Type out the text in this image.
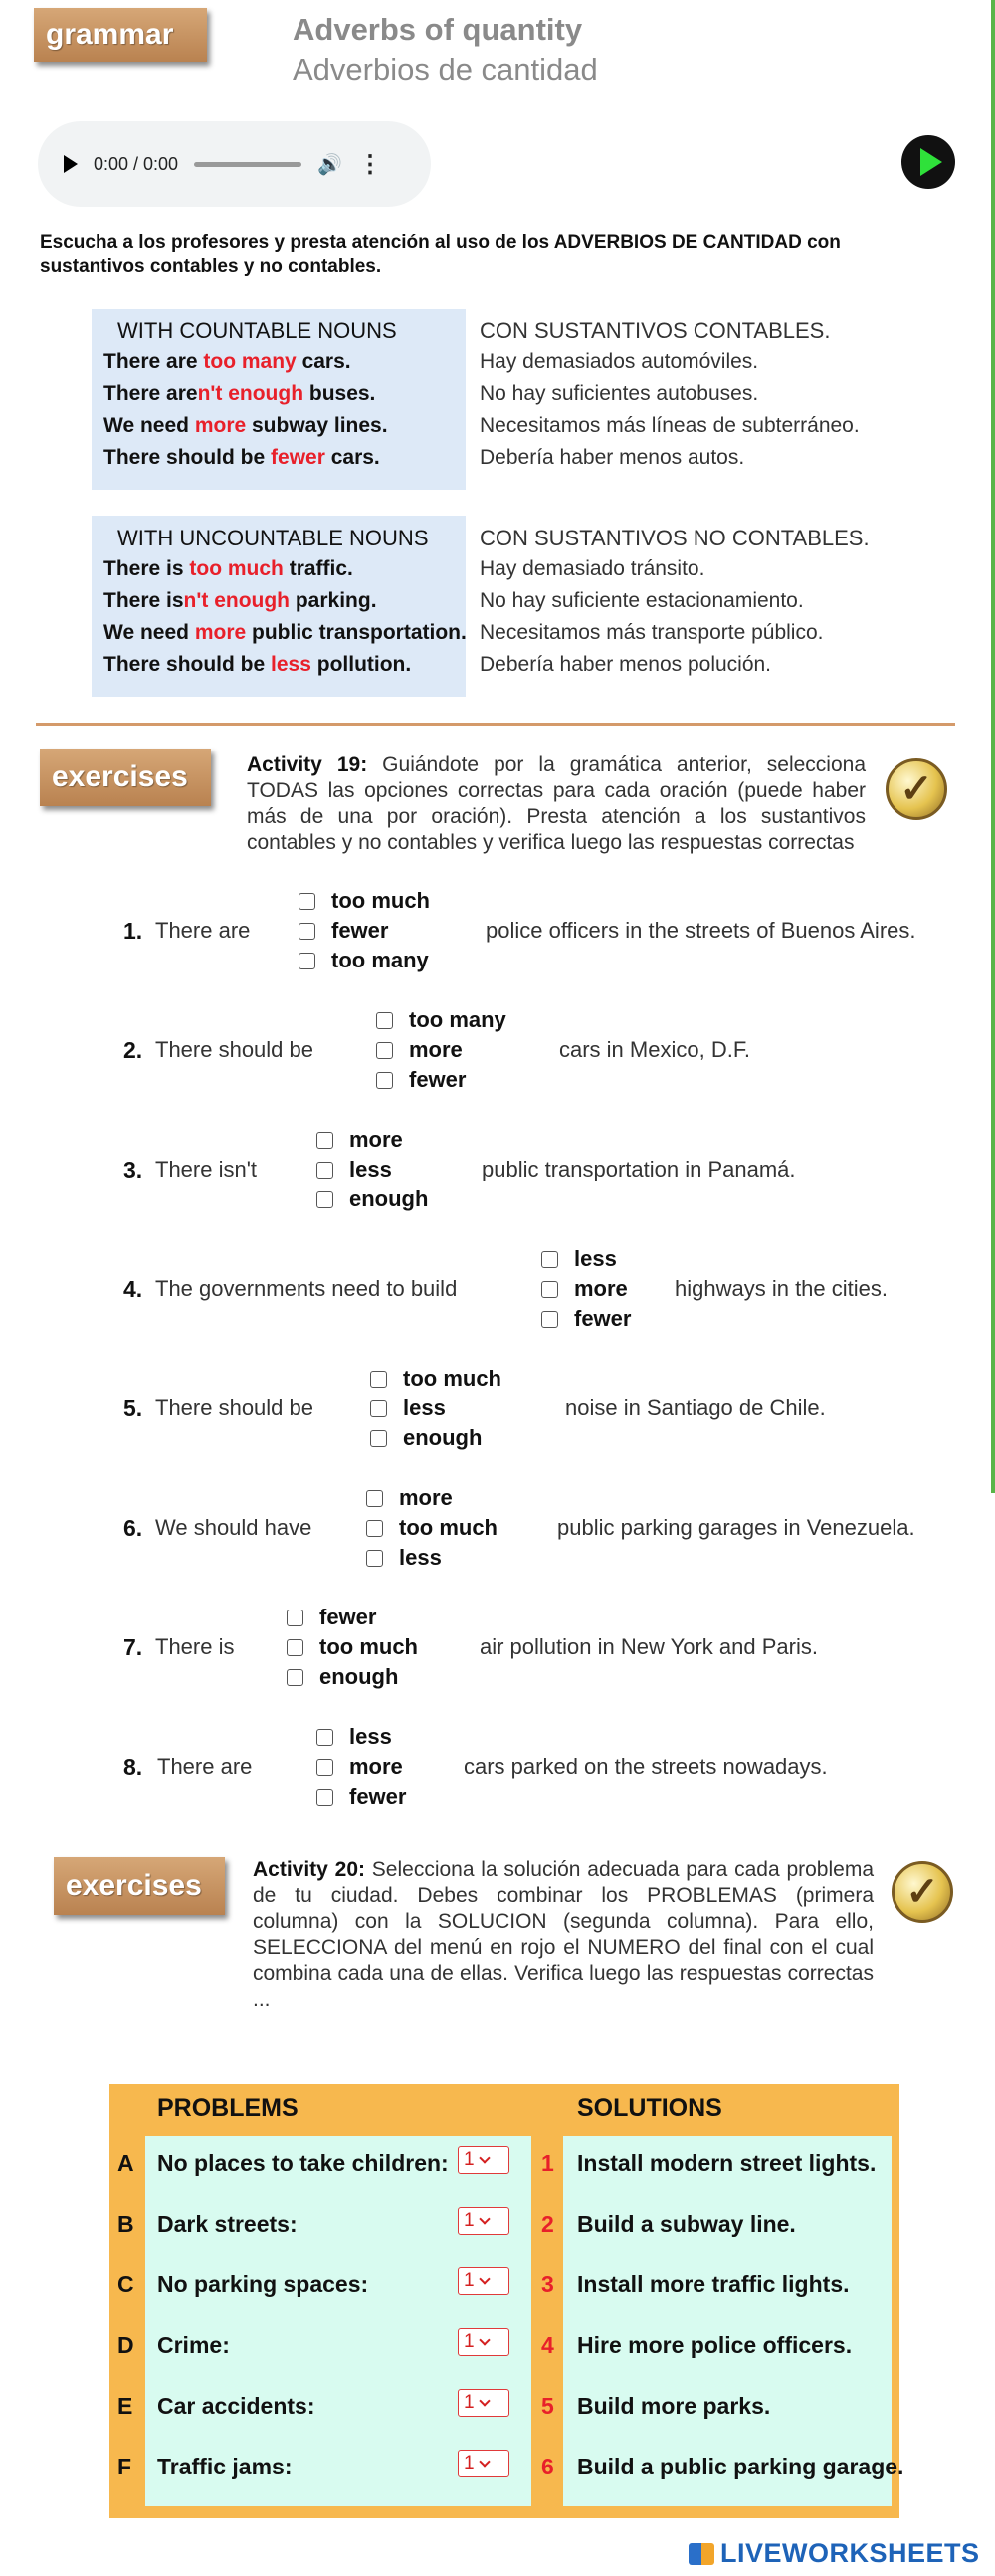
grammar	Adverbs of quantity
Adverbios de cantidad
0:00 / 0:00	🔊 ⋮
Escucha a los profesores y presta atención al uso de los ADVERBIOS DE CANTIDAD con sustantivos contables y no contables.
WITH COUNTABLE NOUNS	CON SUSTANTIVOS CONTABLES.
There are too many cars.	Hay demasiados automóviles.
There aren't enough buses.	No hay suficientes autobuses.
We need more subway lines.	Necesitamos más líneas de subterráneo.
There should be fewer cars.	Debería haber menos autos.
WITH UNCOUNTABLE NOUNS CON SUSTANTIVOS NO CONTABLES.
There is too much traffic.	Hay demasiado tránsito.
There isn't enough parking.	No hay suficiente estacionamiento.
We need more public transportation. Necesitamos más transporte público.
There should be less pollution.	Debería haber menos polución.
exercises	Activity 19: Guiándote por la gramática anterior, selecciona TODAS las opciones correctas para cada oración (puede haber más de una por oración). Presta atención a los sustantivos contables y no contables y verifica luego las respuestas correctas
✓
1. There are	police officers in the streets of Buenos Aires.
too much
fewer
too many
2. There should be	cars in Mexico, D.F.
too many
more
fewer
3. There isn't	public transportation in Panamá.
more
less
enough
4. The governments need to build	highways in the cities.
less
more
fewer
5. There should be	noise in Santiago de Chile.
too much
less
enough
6. We should have	public parking garages in Venezuela.
more
too much
less
7. There is	air pollution in New York and Paris.
fewer
too much
enough
8. There are	cars parked on the streets nowadays.
less
more
fewer
exercises	Activity 20: Selecciona la solución adecuada para cada problema de tu ciudad. Debes combinar los PROBLEMAS (primera columna) con la SOLUCION (segunda columna). Para ello, SELECCIONA del menú en rojo el NUMERO del final con el cual combina cada una de ellas. Verifica luego las respuestas correctas ...
✓
PROBLEMS	SOLUTIONS
A No places to take children: 1	1 Install modern street lights.
B Dark streets:	1	2 Build a subway line.
C No parking spaces:	1	3 Install more traffic lights.
D Crime:	1	4 Hire more police officers.
E Car accidents:	1	5 Build more parks.
F Traffic jams:	1	6 Build a public parking garage.
LIVEWORKSHEETS
